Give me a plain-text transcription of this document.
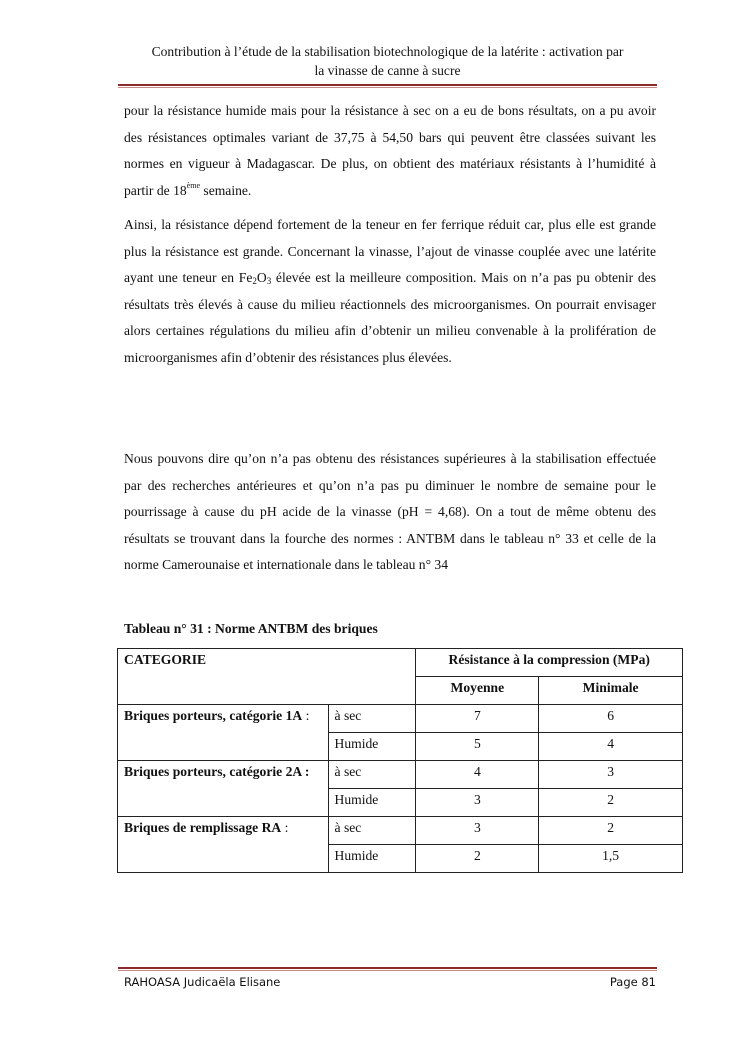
Contribution à l’étude de la stabilisation biotechnologique de la latérite : activation par
la vinasse de canne à sucre

pour la résistance humide mais pour la résistance à sec on a eu de bons résultats, on a pu avoir des résistances optimales variant de 37,75 à 54,50 bars qui peuvent être classées suivant les normes en vigueur à Madagascar. De plus, on obtient des matériaux résistants à l’humidité à partir de 18ème semaine.

Ainsi, la résistance dépend fortement de la teneur en fer ferrique réduit car, plus elle est grande plus la résistance est grande. Concernant la vinasse, l’ajout de vinasse couplée avec une latérite ayant une teneur en $Fe_2O_3$ élevée est la meilleure composition. Mais on n’a pas pu obtenir des résultats très élevés à cause du milieu réactionnels des microorganismes. On pourrait envisager alors certaines régulations du milieu afin d’obtenir un milieu convenable à la prolifération de microorganismes afin d’obtenir des résistances plus élevées.

Nous pouvons dire qu’on n’a pas obtenu des résistances supérieures à la stabilisation effectuée par des recherches antérieures et qu’on n’a pas pu diminuer le nombre de semaine pour le pourrissage à cause du pH acide de la vinasse (pH = 4,68). On a tout de même obtenu des résultats se trouvant dans la fourche des normes : ANTBM dans le tableau n° 33 et celle de la norme Camerounaise et internationale dans le tableau n° 34

Tableau n° 31 : Norme ANTBM des briques
CATEGORIE		Résistance à la compression (MPa)	
		Moyenne	Minimale
Briques porteurs, catégorie 1A :	à sec	7	6
	Humide	5	4
Briques porteurs, catégorie 2A :	à sec	4	3
	Humide	3	2
Briques de remplissage RA :	à sec	3	2
	Humide	2	1,5
RAHOASA Judicaëla Elisane	Page 81
